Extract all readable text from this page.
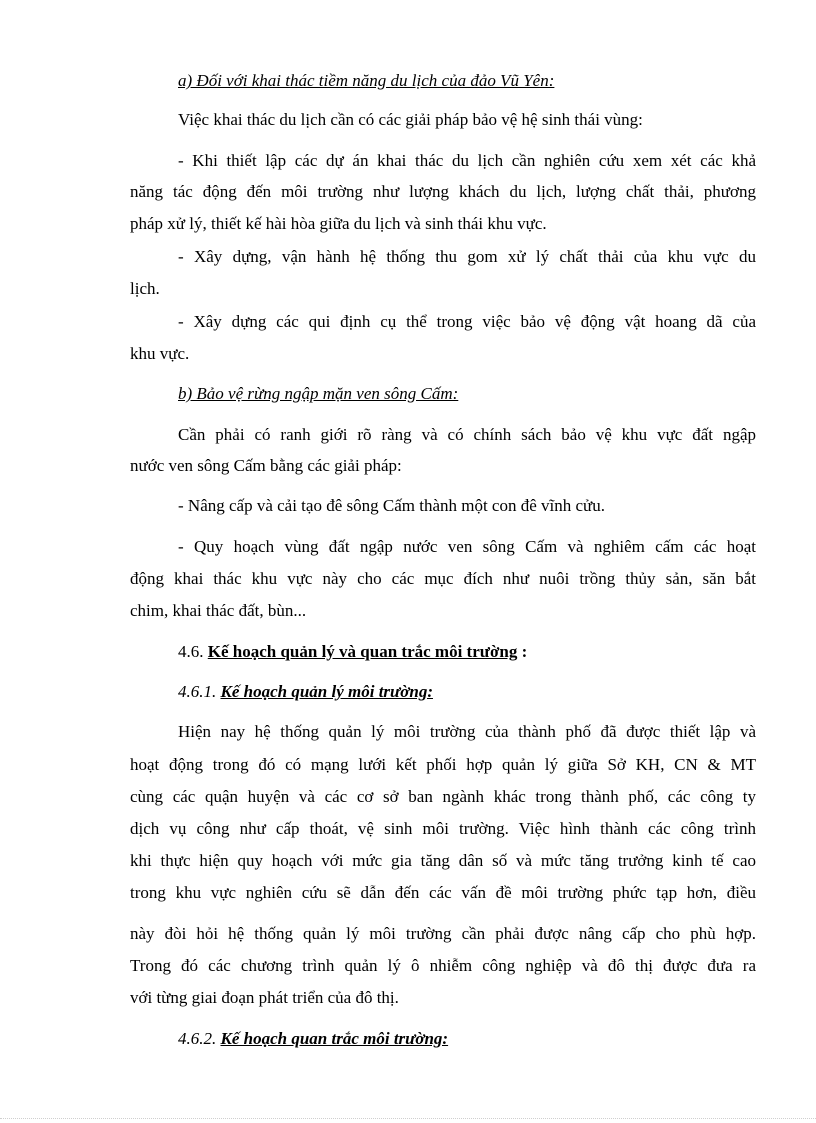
a) Đối với khai thác tiềm năng du lịch của đảo Vũ Yên:
Việc khai thác du lịch cần có các giải pháp bảo vệ hệ sinh thái vùng:
- Khi thiết lập các dự án khai thác du lịch cần nghiên cứu xem xét các khả
năng tác động đến môi trường như lượng khách du lịch, lượng chất thải, phương
pháp xử lý, thiết kế hài hòa giữa du lịch và sinh thái khu vực.
- Xây dựng, vận hành hệ thống thu gom xử lý chất thải của khu vực du
lịch.
- Xây dựng các qui định cụ thể trong việc bảo vệ động vật hoang dã của
khu vực.
b) Bảo vệ rừng ngập mặn ven sông Cấm:
Cần phải có ranh giới rõ ràng và có chính sách bảo vệ khu vực đất ngập
nước ven sông Cấm bằng các giải pháp:
- Nâng cấp và cải tạo đê sông Cấm thành một con đê vĩnh cửu.
- Quy hoạch vùng đất ngập nước ven sông Cấm và nghiêm cấm các hoạt
động khai thác khu vực này cho các mục đích như nuôi trồng thủy sản, săn bắt
chim, khai thác đất, bùn...
4.6. Kế hoạch quản lý và quan trắc môi trường :
4.6.1. Kế hoạch quản lý môi trường:
Hiện nay hệ thống quản lý môi trường của thành phố đã được thiết lập và
hoạt động trong đó có mạng lưới kết phối hợp quản lý giữa Sở KH, CN & MT
cùng các quận huyện và các cơ sở ban ngành khác trong thành phố, các công ty
dịch vụ công như cấp thoát, vệ sinh môi trường. Việc hình thành các công trình
khi thực hiện quy hoạch với mức gia tăng dân số và mức tăng trưởng kinh tế cao
trong khu vực nghiên cứu sẽ dẫn đến các vấn đề môi trường phức tạp hơn, điều
này đòi hỏi hệ thống quản lý môi trường cần phải được nâng cấp cho phù hợp.
Trong đó các chương trình quản lý ô nhiễm công nghiệp và đô thị được đưa ra
với từng giai đoạn phát triển của đô thị.
4.6.2. Kế hoạch quan trắc môi trường:
